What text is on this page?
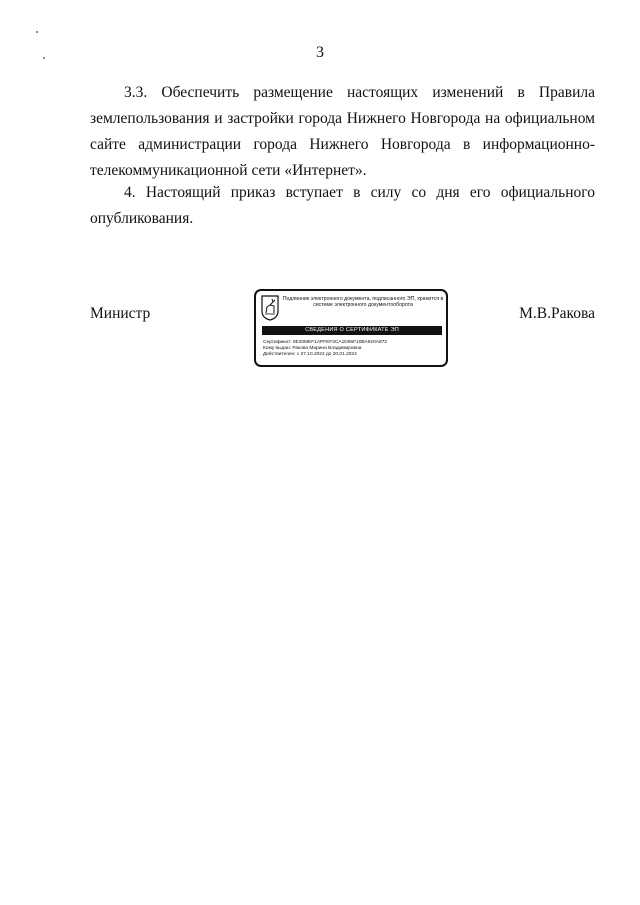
3

3.3. Обеспечить размещение настоящих изменений в Правила землепользования и застройки города Нижнего Новгорода на официальном сайте администрации города Нижнего Новгорода в информационно-телекоммуникационной сети «Интернет».

4. Настоящий приказ вступает в силу со дня его официального опубликования.

Министр
Подлинник электронного документа, подписанного ЭП, хранится в системе электронного документооборота
СВЕДЕНИЯ О СЕРТИФИКАТЕ ЭП
Сертификат: 0E20MEF1APFEF3CA1D65F10BA920A872
Кому выдан: Ракова Марина Владимировна
Действителен: с 27.10.2022 до 20.01.2024
М.В.Ракова
